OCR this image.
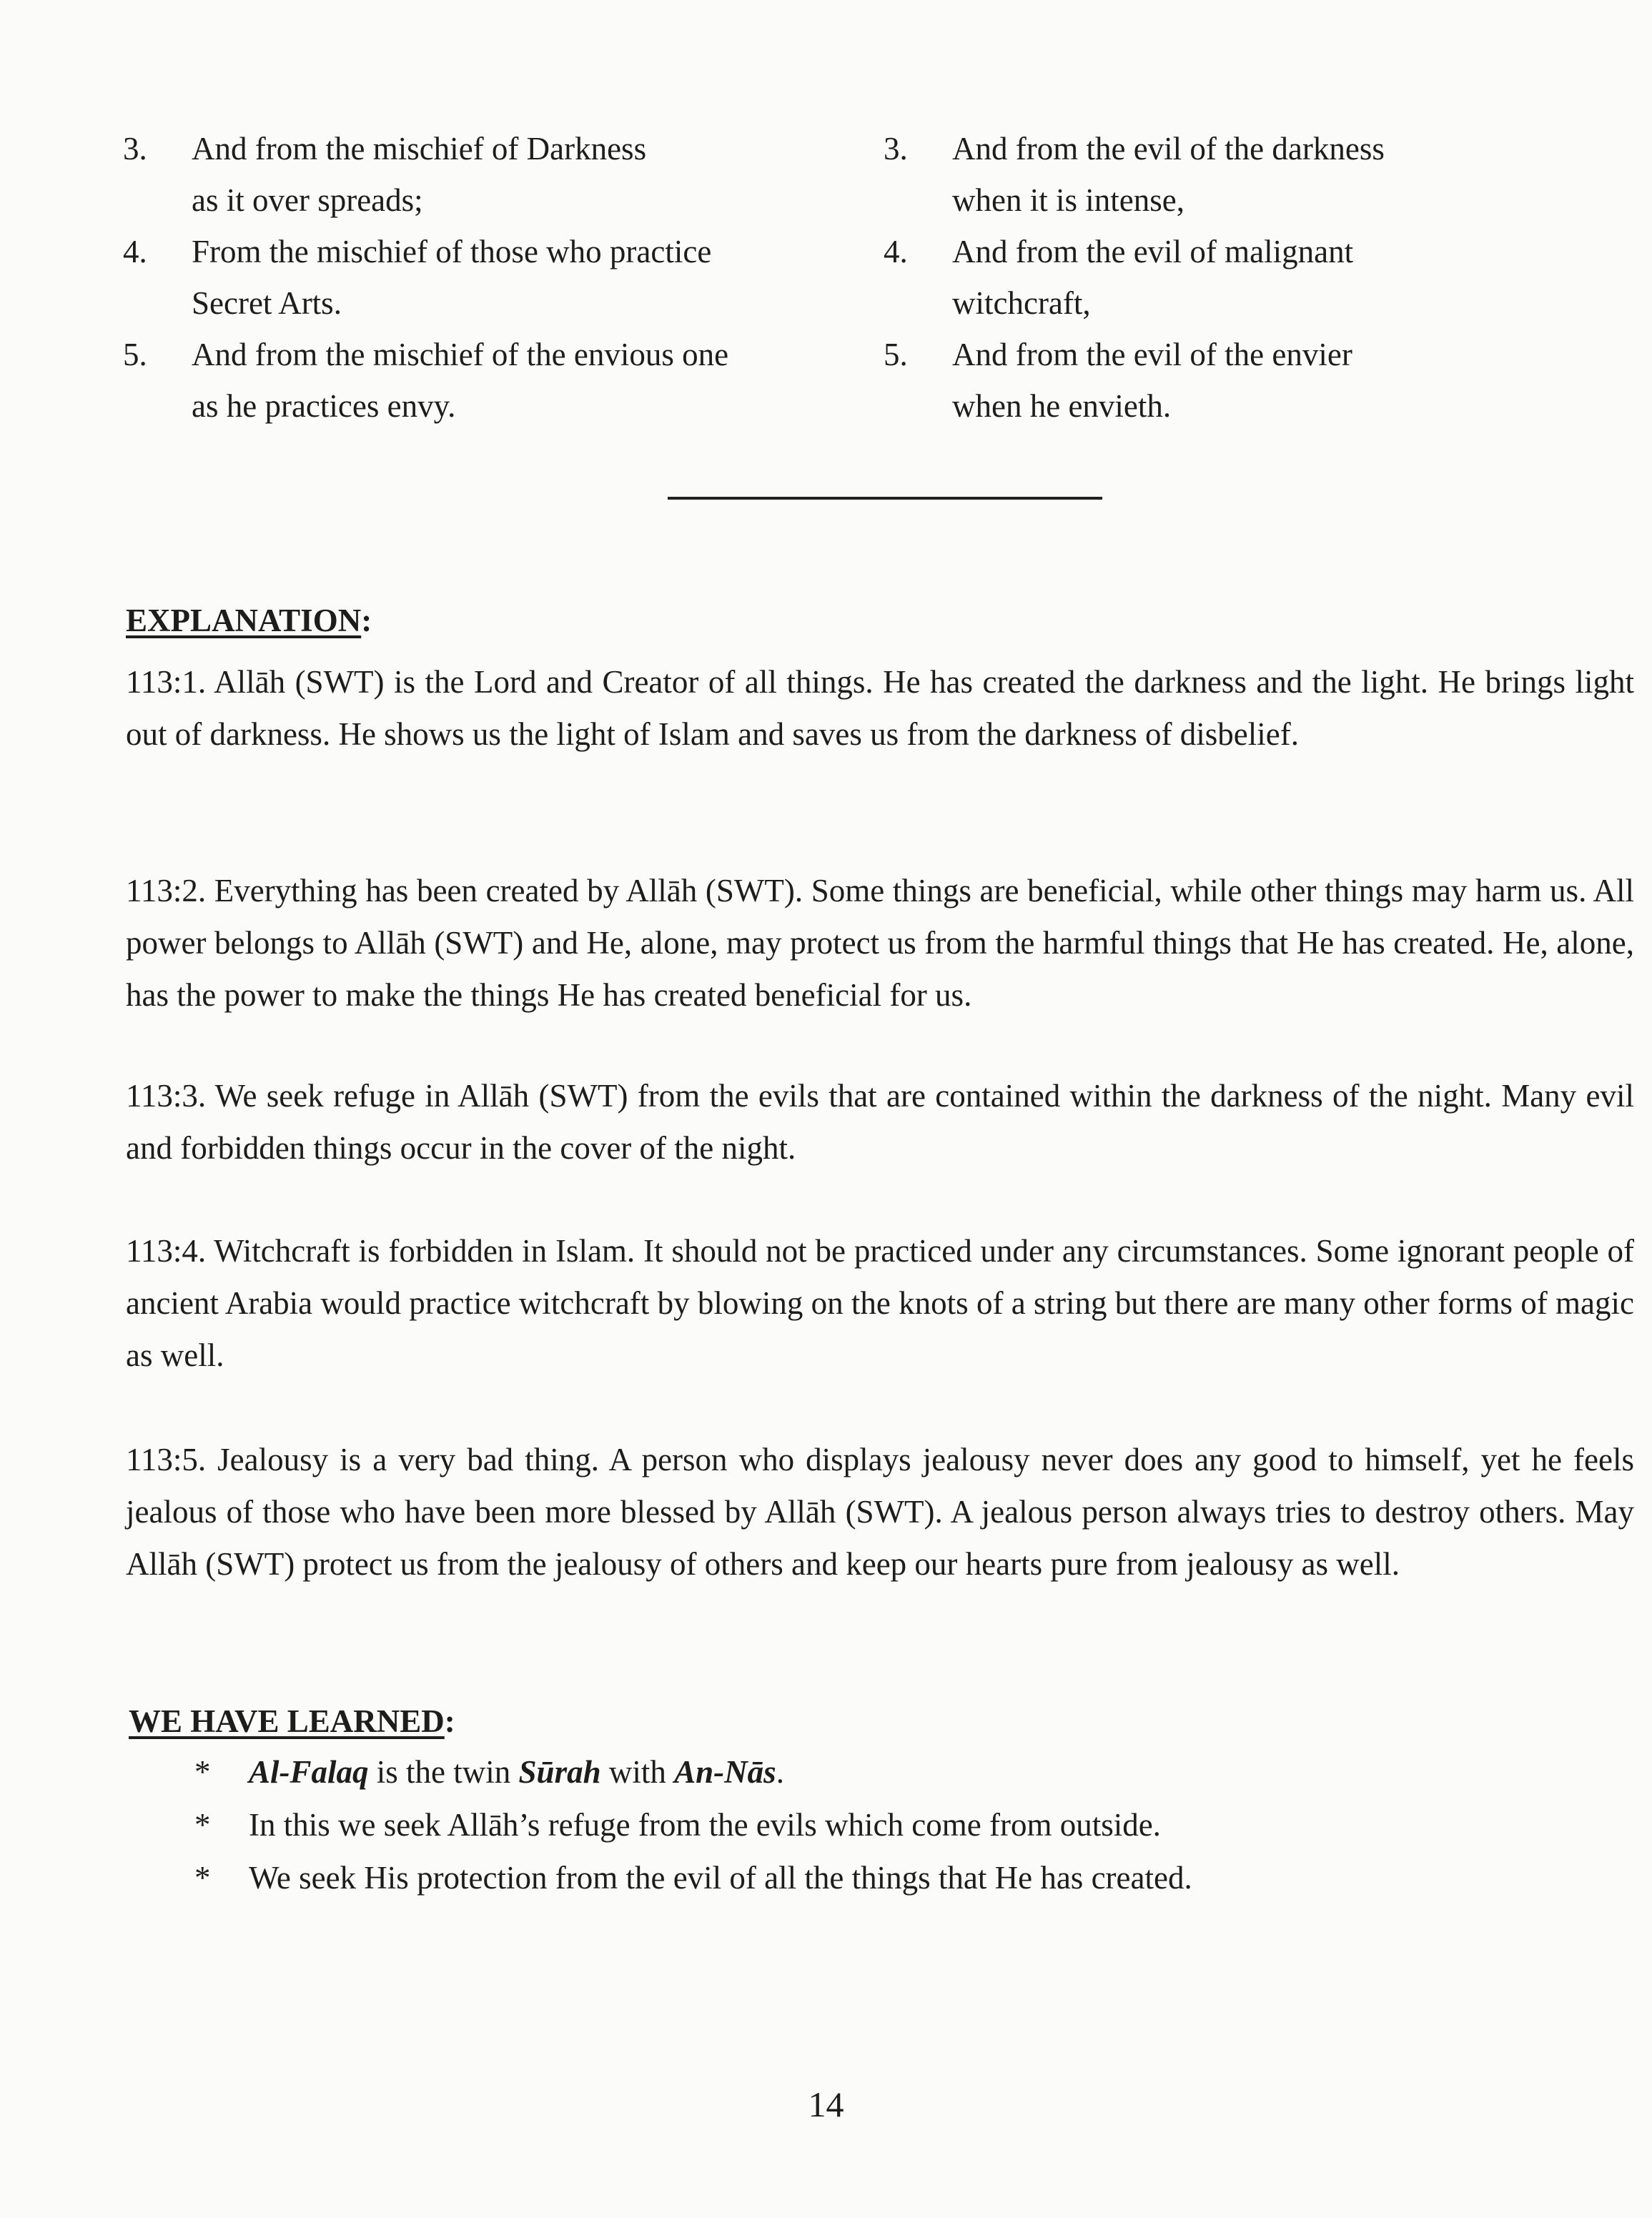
3. And from the mischief of Darkness
as it over spreads;
4. From the mischief of those who practice
Secret Arts.
5. And from the mischief of the envious one
as he practices envy.
3. And from the evil of the darkness
when it is intense,
4. And from the evil of malignant
witchcraft,
5. And from the evil of the envier
when he envieth.
EXPLANATION:
113:1. Allāh (SWT) is the Lord and Creator of all things. He has created the darkness and the light. He brings light out of darkness. He shows us the light of Islam and saves us from the darkness of disbelief.
113:2. Everything has been created by Allāh (SWT). Some things are beneficial, while other things may harm us. All power belongs to Allāh (SWT) and He, alone, may protect us from the harmful things that He has created. He, alone, has the power to make the things He has created beneficial for us.
113:3. We seek refuge in Allāh (SWT) from the evils that are contained within the darkness of the night. Many evil and forbidden things occur in the cover of the night.
113:4. Witchcraft is forbidden in Islam. It should not be practiced under any circumstances. Some ignorant people of ancient Arabia would practice witchcraft by blowing on the knots of a string but there are many other forms of magic as well.
113:5. Jealousy is a very bad thing. A person who displays jealousy never does any good to himself, yet he feels jealous of those who have been more blessed by Allāh (SWT). A jealous person always tries to destroy others. May Allāh (SWT) protect us from the jealousy of others and keep our hearts pure from jealousy as well.
WE HAVE LEARNED:
* Al-Falaq is the twin Sūrah with An-Nās.
* In this we seek Allāh’s refuge from the evils which come from outside.
* We seek His protection from the evil of all the things that He has created.
14
